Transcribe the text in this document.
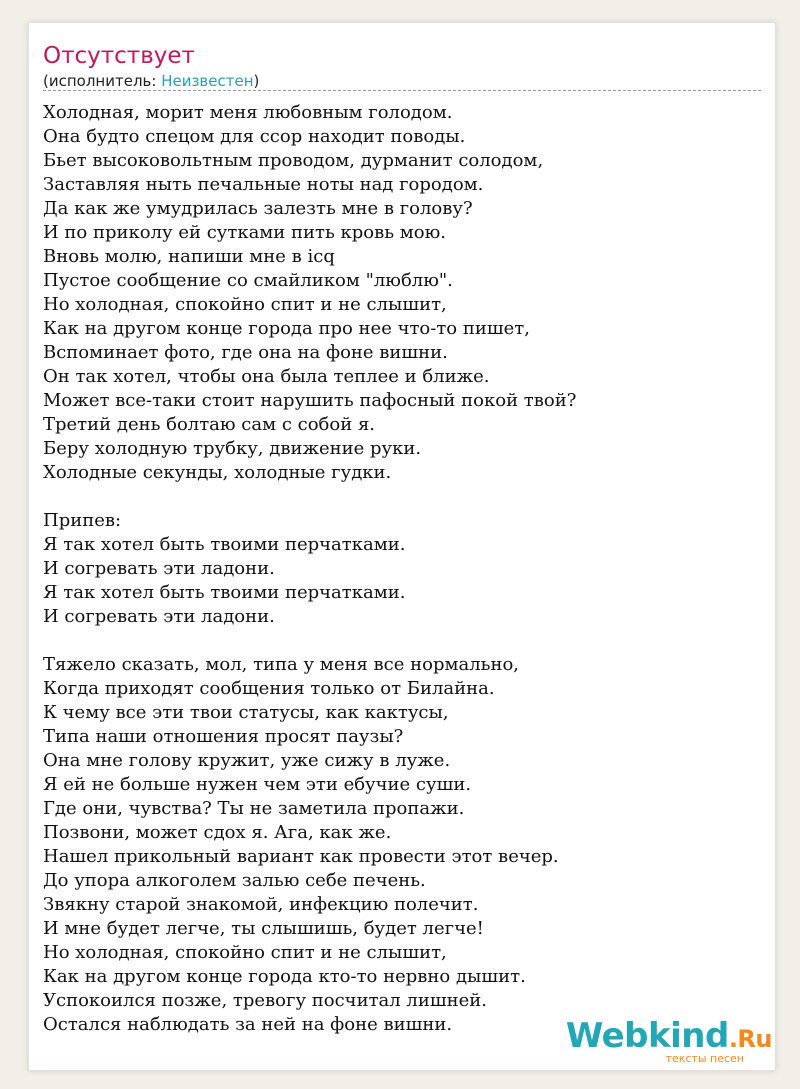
Отсутствует
(исполнитель: Неизвестен)
Холодная, морит меня любовным голодом.
Она будто спецом для ссор находит поводы.
Бьет высоковольтным проводом, дурманит солодом,
Заставляя ныть печальные ноты над городом.
Да как же умудрилась залезть мне в голову?
И по приколу ей сутками пить кровь мою.
Вновь молю, напиши мне в icq
Пустое сообщение со смайликом "люблю".
Но холодная, спокойно спит и не слышит,
Как на другом конце города про нее что-то пишет,
Вспоминает фото, где она на фоне вишни.
Он так хотел, чтобы она была теплее и ближе.
Может все-таки стоит нарушить пафосный покой твой?
Третий день болтаю сам с собой я.
Беру холодную трубку, движение руки.
Холодные секунды, холодные гудки.
Припев:
Я так хотел быть твоими перчатками.
И согревать эти ладони.
Я так хотел быть твоими перчатками.
И согревать эти ладони.
Тяжело сказать, мол, типа у меня все нормально,
Когда приходят сообщения только от Билайна.
К чему все эти твои статусы, как кактусы,
Типа наши отношения просят паузы?
Она мне голову кружит, уже сижу в луже.
Я ей не больше нужен чем эти ебучие суши.
Где они, чувства? Ты не заметила пропажи.
Позвони, может сдох я. Ага, как же.
Нашел прикольный вариант как провести этот вечер.
До упора алкоголем залью себе печень.
Звякну старой знакомой, инфекцию полечит.
И мне будет легче, ты слышишь, будет легче!
Но холодная, спокойно спит и не слышит,
Как на другом конце города кто-то нервно дышит.
Успокоился позже, тревогу посчитал лишней.
Остался наблюдать за ней на фоне вишни.	Webkind.Ru
тексты песен
